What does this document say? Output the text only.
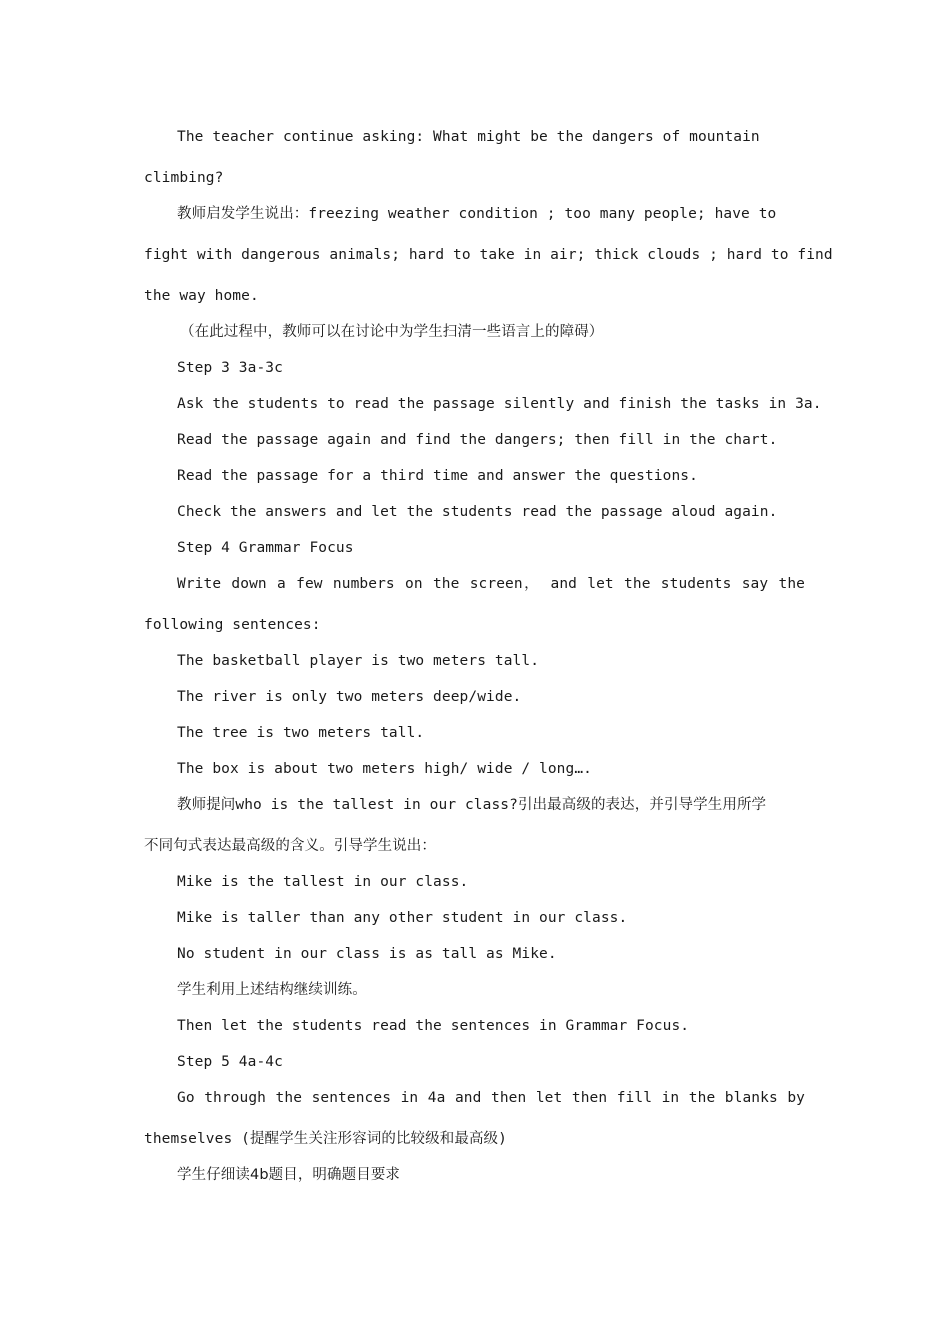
The teacher continue asking: What might be the dangers of mountain
climbing?
教师启发学生说出：freezing weather condition ; too many people; have to
fight with dangerous animals; hard to take in air; thick clouds ; hard to find
the way home.
（在此过程中，教师可以在讨论中为学生扫清一些语言上的障碍）
Step 3 3a-3c
Ask the students to read the passage silently and finish the tasks in 3a.
Read the passage again and find the dangers; then fill in the chart.
Read the passage for a third time and answer the questions.
Check the answers and let the students read the passage aloud again.
Step 4 Grammar Focus
Write down a few numbers on the screen， and let the students say the
following sentences:
The basketball player is two meters tall.
The river is only two meters deep/wide.
The tree is two meters tall.
The box is about two meters high/ wide / long….
教师提问who is the tallest in our class?引出最高级的表达，并引导学生用所学
不同句式表达最高级的含义。引导学生说出：
Mike is the tallest in our class.
Mike is taller than any other student in our class.
No student in our class is as tall as Mike.
学生利用上述结构继续训练。
Then let the students read the sentences in Grammar Focus.
Step 5 4a-4c
Go through the sentences in 4a and then let then fill in the blanks by
themselves (提醒学生关注形容词的比较级和最高级)
学生仔细读4b题目，明确题目要求
